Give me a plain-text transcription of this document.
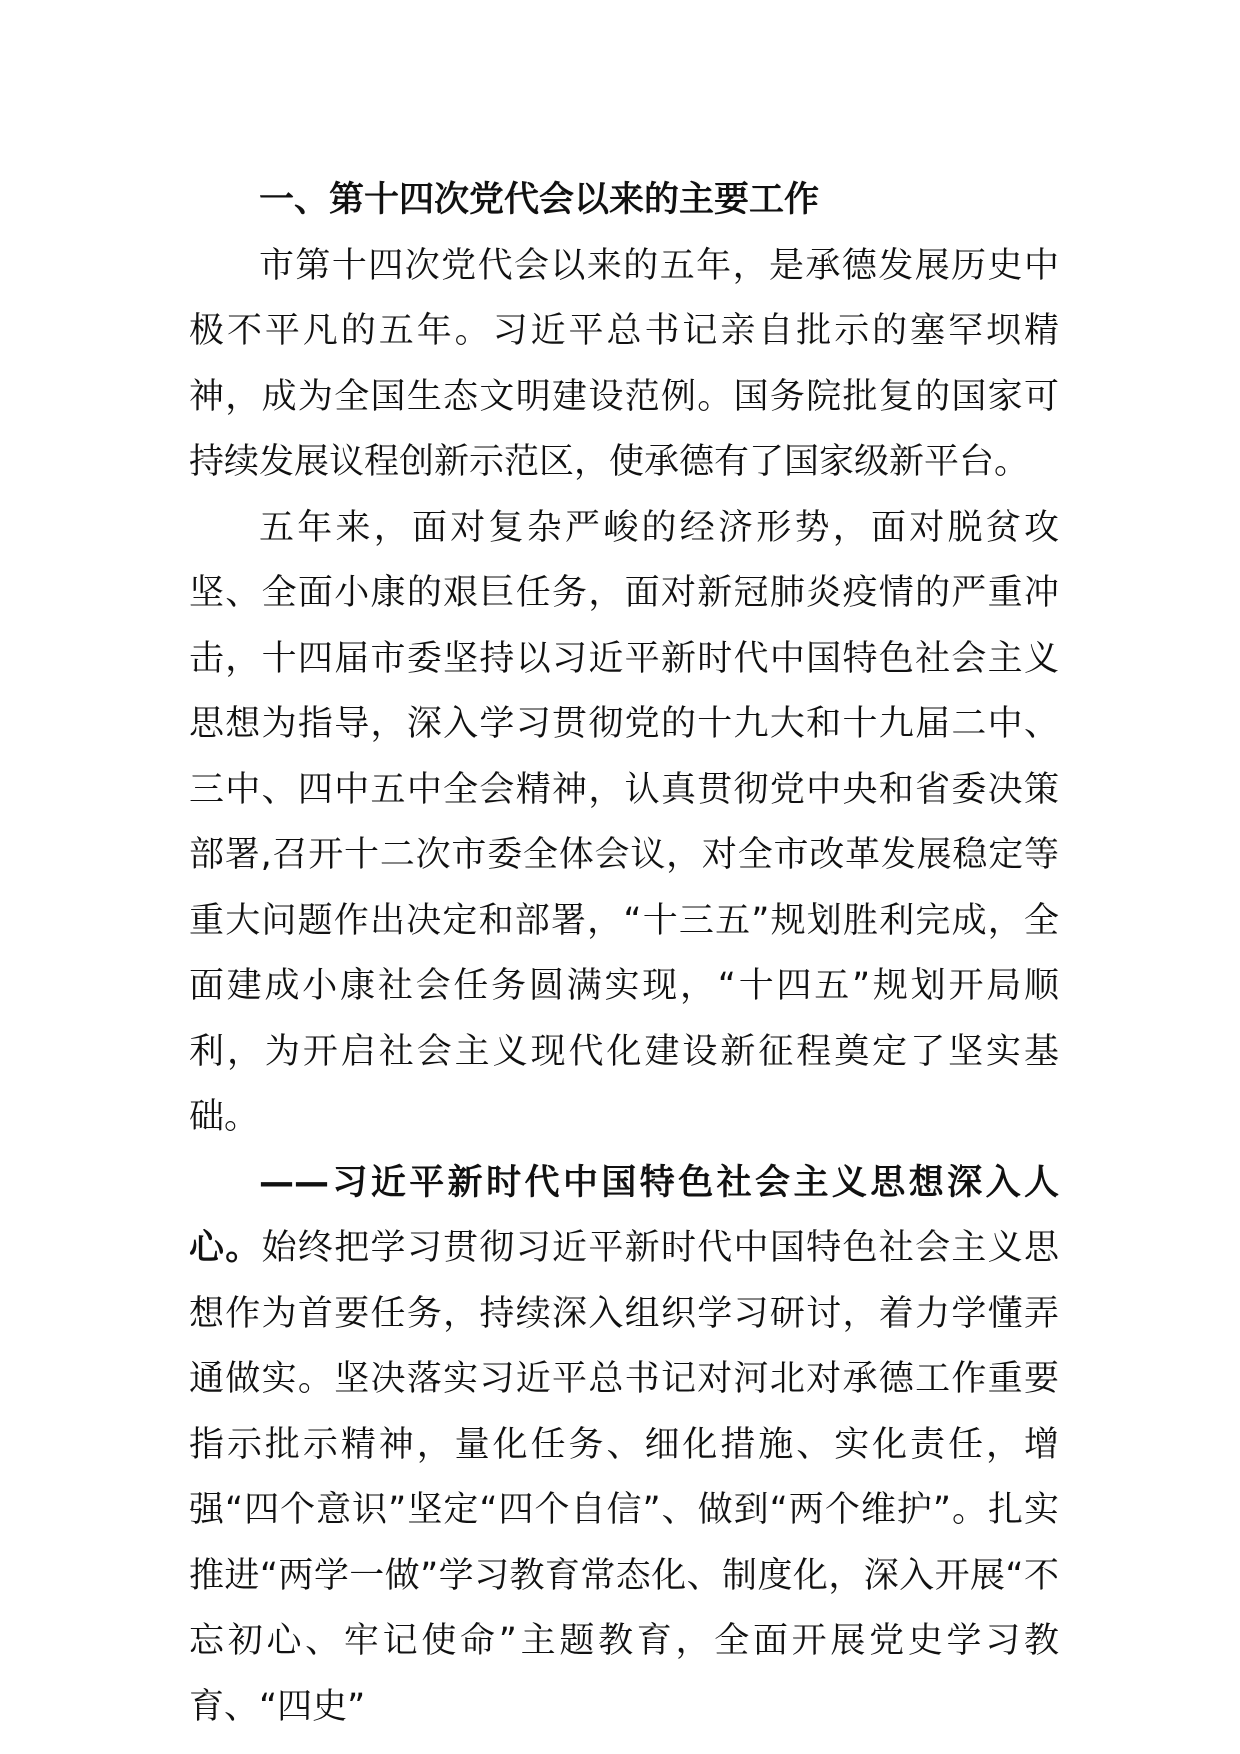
一、第十四次党代会以来的主要工作

市第十四次党代会以来的五年，是承德发展历史中极不平凡的五年。习近平总书记亲自批示的塞罕坝精神，成为全国生态文明建设范例。国务院批复的国家可持续发展议程创新示范区，使承德有了国家级新平台。

五年来，面对复杂严峻的经济形势，面对脱贫攻坚、全面小康的艰巨任务，面对新冠肺炎疫情的严重冲击，十四届市委坚持以习近平新时代中国特色社会主义思想为指导，深入学习贯彻党的十九大和十九届二中、三中、四中五中全会精神，认真贯彻党中央和省委决策部署,召开十二次市委全体会议，对全市改革发展稳定等重大问题作出决定和部署，“十三五”规划胜利完成，全面建成小康社会任务圆满实现，“十四五”规划开局顺利，为开启社会主义现代化建设新征程奠定了坚实基础。

——习近平新时代中国特色社会主义思想深入人心。始终把学习贯彻习近平新时代中国特色社会主义思想作为首要任务，持续深入组织学习研讨，着力学懂弄通做实。坚决落实习近平总书记对河北对承德工作重要指示批示精神，量化任务、细化措施、实化责任，增强“四个意识”坚定“四个自信”、做到“两个维护”。扎实推进“两学一做”学习教育常态化、制度化，深入开展“不忘初心、牢记使命”主题教育，全面开展党史学习教育、“四史”
